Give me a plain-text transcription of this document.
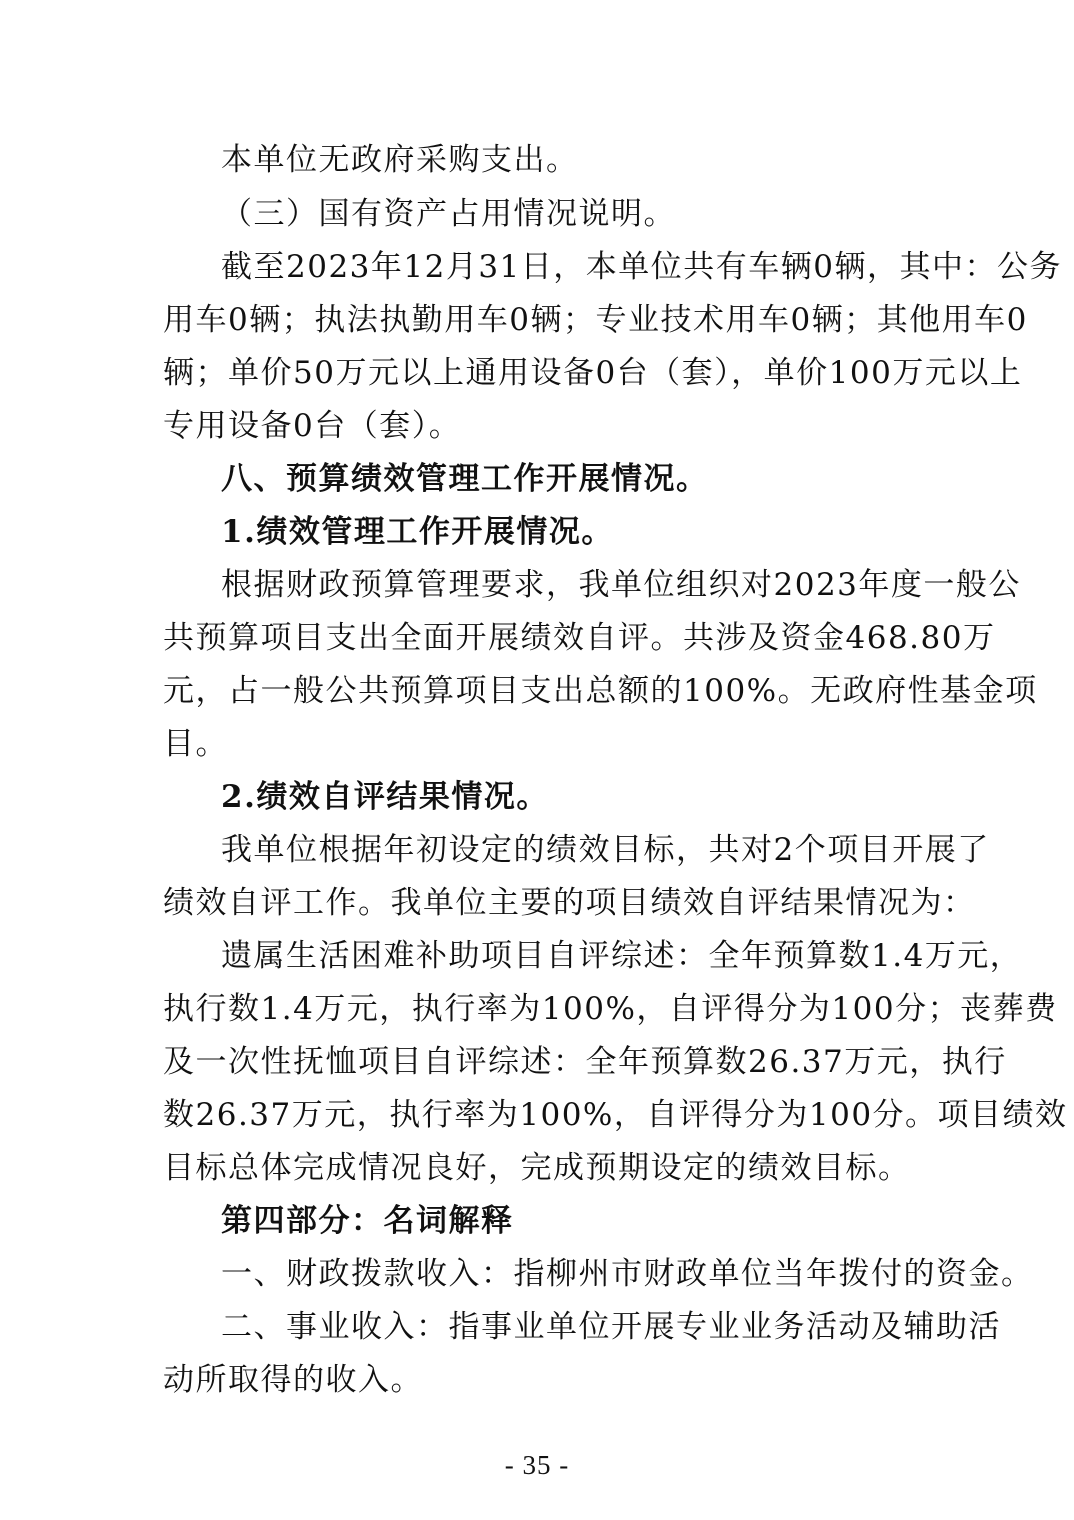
本单位无政府采购支出。
（三）国有资产占用情况说明。
截至2023年12月31日，本单位共有车辆0辆，其中：公务
用车0辆；执法执勤用车0辆；专业技术用车0辆；其他用车0
辆；单价50万元以上通用设备0台（套），单价100万元以上
专用设备0台（套）。
八、预算绩效管理工作开展情况。
1.绩效管理工作开展情况。
根据财政预算管理要求，我单位组织对2023年度一般公
共预算项目支出全面开展绩效自评。共涉及资金468.80万
元，占一般公共预算项目支出总额的100%。无政府性基金项
目。
2.绩效自评结果情况。
我单位根据年初设定的绩效目标，共对2个项目开展了
绩效自评工作。我单位主要的项目绩效自评结果情况为：
遗属生活困难补助项目自评综述：全年预算数1.4万元，
执行数1.4万元，执行率为100%，自评得分为100分；丧葬费
及一次性抚恤项目自评综述：全年预算数26.37万元，执行
数26.37万元，执行率为100%，自评得分为100分。项目绩效
目标总体完成情况良好，完成预期设定的绩效目标。
第四部分：名词解释
一、财政拨款收入：指柳州市财政单位当年拨付的资金。
二、事业收入：指事业单位开展专业业务活动及辅助活
动所取得的收入。
- 35 -
